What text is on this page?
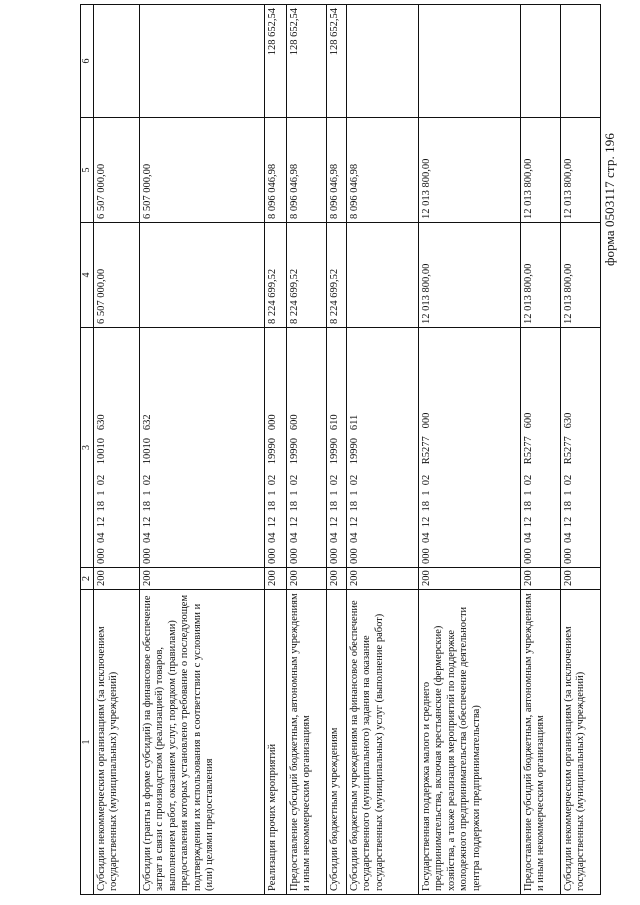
форма 0503117 стр. 196
1	2	3	4	5	6
Субсидии некоммерческим организациям (за исключением государственных (муниципальных) учреждений)	200	000  04  12  18  1  02    10010   630	6 507 000,00	6 507 000,00	
Субсидии (гранты в форме субсидий) на финансовое обеспечение затрат в связи с производством (реализацией) товаров, выполнением работ, оказанием услуг, порядком (правилами) предоставления которых установлено требование о последующем подтверждении их использования в соответствии с условиями и (или) целями предоставления	200	000  04  12  18  1  02    10010   632		6 507 000,00	
Реализация прочих мероприятий	200	000  04  12  18  1  02    19990   000	8 224 699,52	8 096 046,98	128 652,54
Предоставление субсидий бюджетным, автономным учреждениям и иным некоммерческим организациям	200	000  04  12  18  1  02    19990   600	8 224 699,52	8 096 046,98	128 652,54
Субсидии бюджетным учреждениям	200	000  04  12  18  1  02    19990   610	8 224 699,52	8 096 046,98	128 652,54
Субсидии бюджетным учреждениям на финансовое обеспечение государственного (муниципального) задания на оказание государственных (муниципальных) услуг (выполнение работ)	200	000  04  12  18  1  02    19990   611		8 096 046,98	
Государственная поддержка малого и среднего предпринимательства, включая крестьянские (фермерские) хозяйства, а также реализация мероприятий по поддержке молодежного предпринимательства (обеспечение деятельности центра поддержки предпринимательства)	200	000  04  12  18  1  02    R5277   000	12 013 800,00	12 013 800,00	
Предоставление субсидий бюджетным, автономным учреждениям и иным некоммерческим организациям	200	000  04  12  18  1  02    R5277   600	12 013 800,00	12 013 800,00	
Субсидии некоммерческим организациям (за исключением государственных (муниципальных) учреждений)	200	000  04  12  18  1  02    R5277   630	12 013 800,00	12 013 800,00	
